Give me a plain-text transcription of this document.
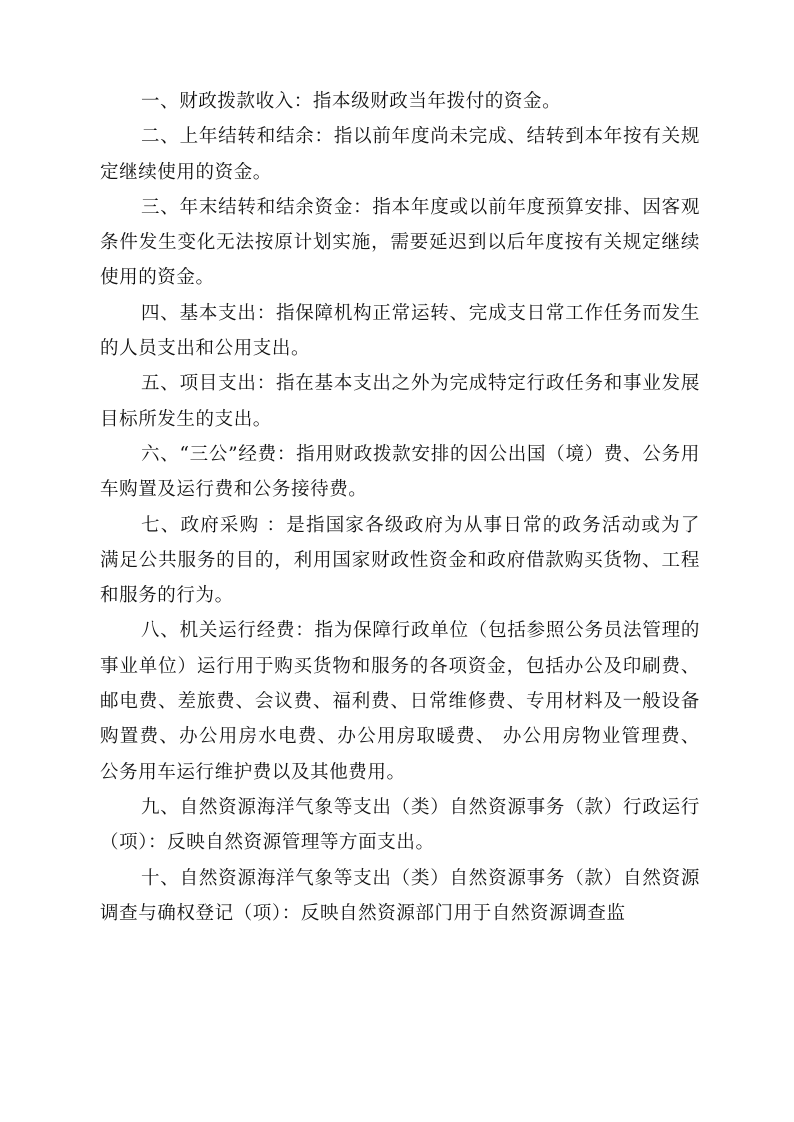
一、财政拨款收入：指本级财政当年拨付的资金。

二、上年结转和结余：指以前年度尚未完成、结转到本年按有关规定继续使用的资金。

三、年末结转和结余资金：指本年度或以前年度预算安排、因客观条件发生变化无法按原计划实施，需要延迟到以后年度按有关规定继续使用的资金。

四、基本支出：指保障机构正常运转、完成支日常工作任务而发生的人员支出和公用支出。

五、项目支出：指在基本支出之外为完成特定行政任务和事业发展目标所发生的支出。

六、“三公”经费：指用财政拨款安排的因公出国（境）费、公务用车购置及运行费和公务接待费。

七、政府采购 ：是指国家各级政府为从事日常的政务活动或为了满足公共服务的目的，利用国家财政性资金和政府借款购买货物、工程和服务的行为。

八、机关运行经费：指为保障行政单位（包括参照公务员法管理的事业单位）运行用于购买货物和服务的各项资金，包括办公及印刷费、邮电费、差旅费、会议费、福利费、日常维修费、专用材料及一般设备购置费、办公用房水电费、办公用房取暖费、 办公用房物业管理费、 公务用车运行维护费以及其他费用。

九、自然资源海洋气象等支出（类）自然资源事务（款）行政运行（项）：反映自然资源管理等方面支出。

十、自然资源海洋气象等支出（类）自然资源事务（款）自然资源调查与确权登记（项）：反映自然资源部门用于自然资源调查监
